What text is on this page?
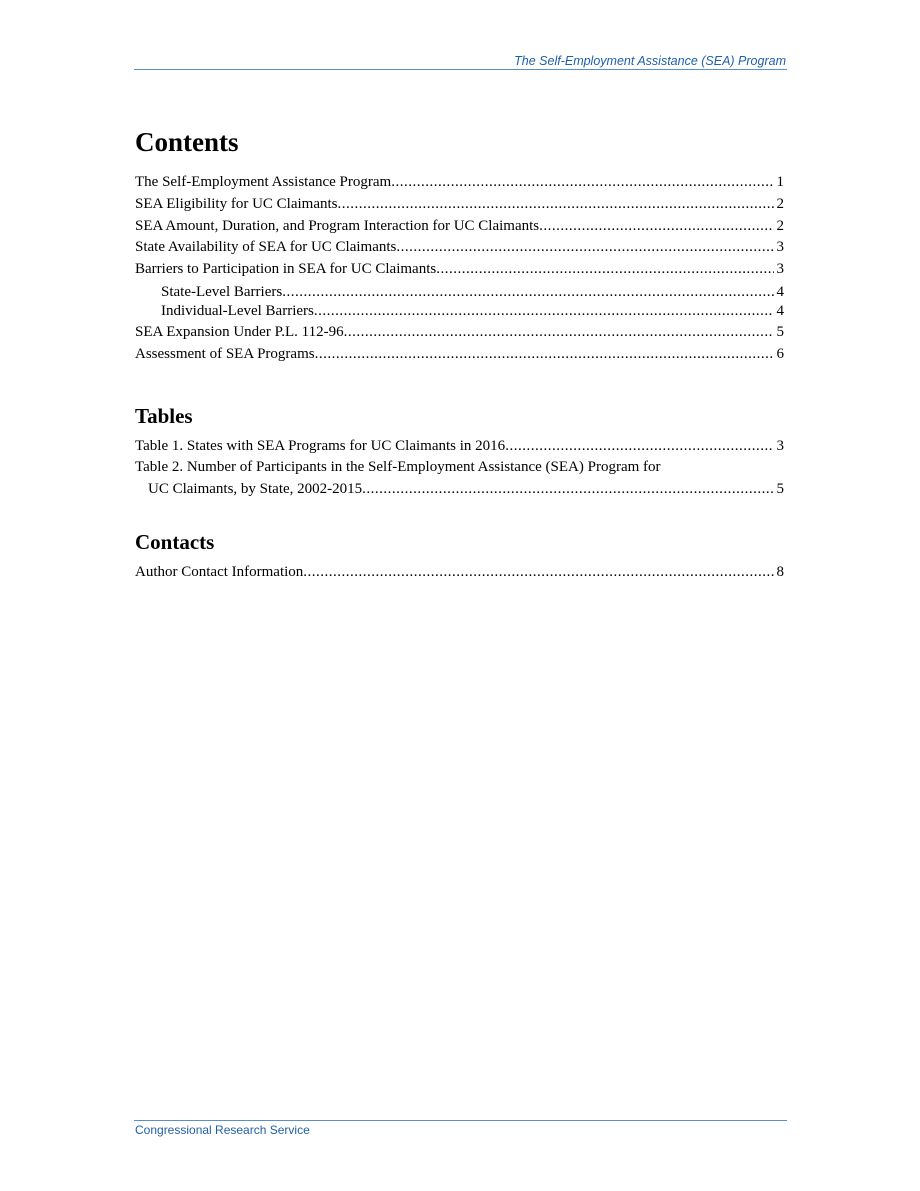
The Self-Employment Assistance (SEA) Program
Contents
The Self-Employment Assistance Program .....	1
SEA Eligibility for UC Claimants .....	2
SEA Amount, Duration, and Program Interaction for UC Claimants .....	2
State Availability of SEA for UC Claimants .....	3
Barriers to Participation in SEA for UC Claimants .....	3
State-Level Barriers .....	4
Individual-Level Barriers .....	4
SEA Expansion Under P.L. 112-96 .....	5
Assessment of SEA Programs .....	6
Tables
Table 1. States with SEA Programs for UC Claimants in 2016 .....	3
Table 2. Number of Participants in the Self-Employment Assistance (SEA) Program for
UC Claimants, by State, 2002-2015 .....	5
Contacts
Author Contact Information .....	8
Congressional Research Service
